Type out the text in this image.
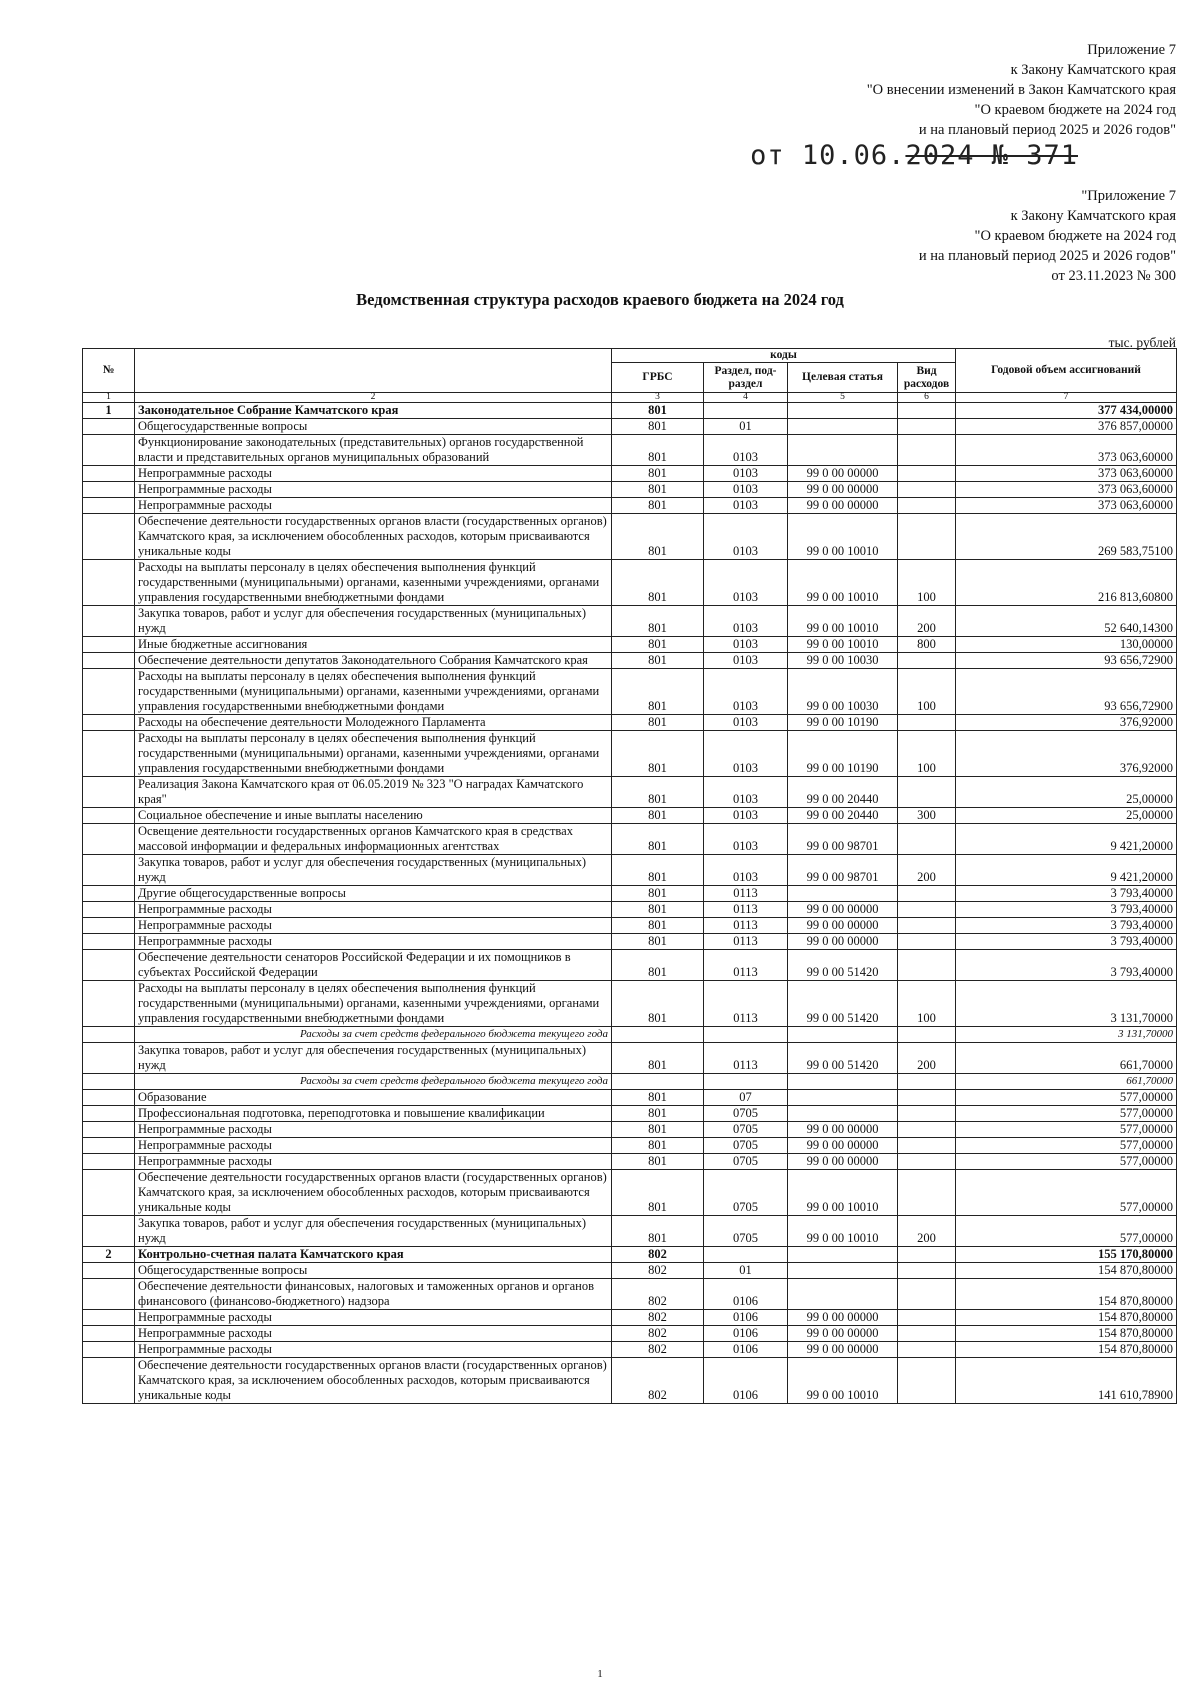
Приложение 7
к Закону Камчатского края
"О внесении изменений в Закон Камчатского края
"О краевом бюджете на 2024 год
и на плановый период 2025 и 2026 годов"
от 10.06.2024 № 371
"Приложение 7
к Закону Камчатского края
"О краевом бюджете на 2024 год
и на плановый период 2025 и 2026 годов"
от 23.11.2023 № 300
Ведомственная структура расходов краевого бюджета на 2024 год
тыс. рублей
№		коды				Годовой объем ассигнований
		ГРБС	Раздел, под-раздел	Целевая статья	Вид расходов	
1	2	3	4	5	6	7
1	Законодательное Собрание Камчатского края	801				377 434,00000
	Общегосударственные вопросы	801	01			376 857,00000
	Функционирование законодательных (представительных) органов государственной власти и представительных органов муниципальных образований	801	0103			373 063,60000
	Непрограммные расходы	801	0103	99 0 00 00000		373 063,60000
	Непрограммные расходы	801	0103	99 0 00 00000		373 063,60000
	Непрограммные расходы	801	0103	99 0 00 00000		373 063,60000
	Обеспечение деятельности государственных органов власти (государственных органов) Камчатского края, за исключением обособленных расходов, которым присваиваются уникальные коды	801	0103	99 0 00 10010		269 583,75100
	Расходы на выплаты персоналу в целях обеспечения выполнения функций государственными (муниципальными) органами, казенными учреждениями, органами управления государственными внебюджетными фондами	801	0103	99 0 00 10010	100	216 813,60800
	Закупка товаров, работ и услуг для обеспечения государственных (муниципальных) нужд	801	0103	99 0 00 10010	200	52 640,14300
	Иные бюджетные ассигнования	801	0103	99 0 00 10010	800	130,00000
	Обеспечение деятельности депутатов Законодательного Собрания Камчатского края	801	0103	99 0 00 10030		93 656,72900
	Расходы на выплаты персоналу в целях обеспечения выполнения функций государственными (муниципальными) органами, казенными учреждениями, органами управления государственными внебюджетными фондами	801	0103	99 0 00 10030	100	93 656,72900
	Расходы на обеспечение деятельности Молодежного Парламента	801	0103	99 0 00 10190		376,92000
	Расходы на выплаты персоналу в целях обеспечения выполнения функций государственными (муниципальными) органами, казенными учреждениями, органами управления государственными внебюджетными фондами	801	0103	99 0 00 10190	100	376,92000
	Реализация Закона Камчатского края от 06.05.2019 № 323 "О наградах Камчатского края"	801	0103	99 0 00 20440		25,00000
	Социальное обеспечение и иные выплаты населению	801	0103	99 0 00 20440	300	25,00000
	Освещение деятельности государственных органов Камчатского края в средствах массовой информации и федеральных информационных агентствах	801	0103	99 0 00 98701		9 421,20000
	Закупка товаров, работ и услуг для обеспечения государственных (муниципальных) нужд	801	0103	99 0 00 98701	200	9 421,20000
	Другие общегосударственные вопросы	801	0113			3 793,40000
	Непрограммные расходы	801	0113	99 0 00 00000		3 793,40000
	Непрограммные расходы	801	0113	99 0 00 00000		3 793,40000
	Непрограммные расходы	801	0113	99 0 00 00000		3 793,40000
	Обеспечение деятельности сенаторов Российской Федерации и их помощников в субъектах Российской Федерации	801	0113	99 0 00 51420		3 793,40000
	Расходы на выплаты персоналу в целях обеспечения выполнения функций государственными (муниципальными) органами, казенными учреждениями, органами управления государственными внебюджетными фондами	801	0113	99 0 00 51420	100	3 131,70000
	Расходы за счет средств федерального бюджета текущего года					3 131,70000
	Закупка товаров, работ и услуг для обеспечения государственных (муниципальных) нужд	801	0113	99 0 00 51420	200	661,70000
	Расходы за счет средств федерального бюджета текущего года					661,70000
	Образование	801	07			577,00000
	Профессиональная подготовка, переподготовка и повышение квалификации	801	0705			577,00000
	Непрограммные расходы	801	0705	99 0 00 00000		577,00000
	Непрограммные расходы	801	0705	99 0 00 00000		577,00000
	Непрограммные расходы	801	0705	99 0 00 00000		577,00000
	Обеспечение деятельности государственных органов власти (государственных органов) Камчатского края, за исключением обособленных расходов, которым присваиваются уникальные коды	801	0705	99 0 00 10010		577,00000
	Закупка товаров, работ и услуг для обеспечения государственных (муниципальных) нужд	801	0705	99 0 00 10010	200	577,00000
2	Контрольно-счетная палата Камчатского края	802				155 170,80000
	Общегосударственные вопросы	802	01			154 870,80000
	Обеспечение деятельности финансовых, налоговых и таможенных органов и органов финансового (финансово-бюджетного) надзора	802	0106			154 870,80000
	Непрограммные расходы	802	0106	99 0 00 00000		154 870,80000
	Непрограммные расходы	802	0106	99 0 00 00000		154 870,80000
	Непрограммные расходы	802	0106	99 0 00 00000		154 870,80000
	Обеспечение деятельности государственных органов власти (государственных органов) Камчатского края, за исключением обособленных расходов, которым присваиваются уникальные коды	802	0106	99 0 00 10010		141 610,78900
1
